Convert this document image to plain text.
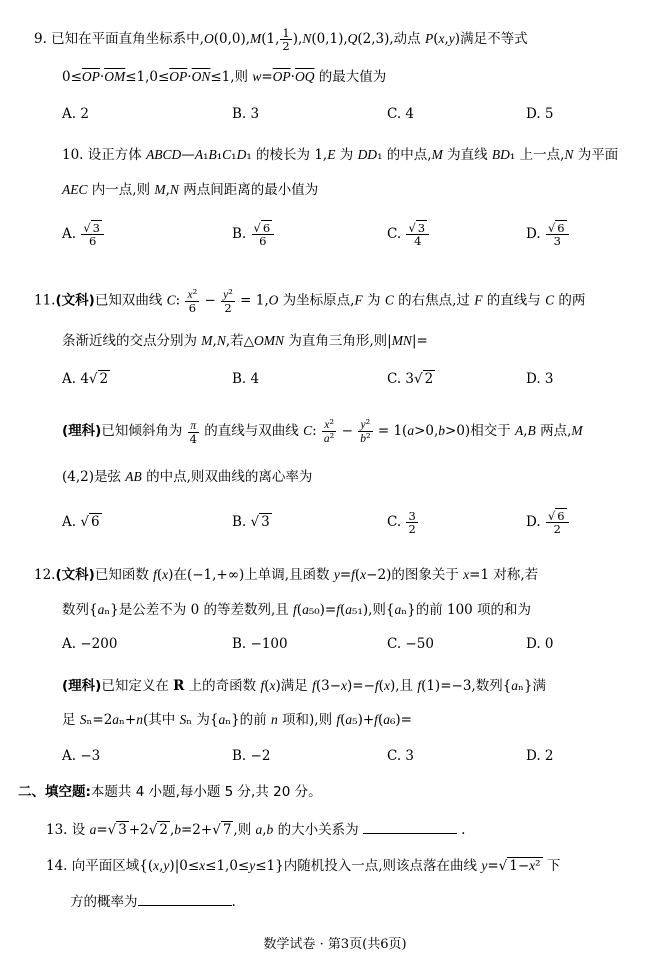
9. 已知在平面直角坐标系中,O(0,0),M(1, $\frac{1}{2} ),N(0,1),Q(2,3)$,动点 P(x,y)满足不等式
$0\le\overline{OP}\cdot\overline{OM}\le 1,0\le\overline{OP}\cdot\overline{ON}\le 1$,则 $w=\overline{OP}\cdot\overline{OQ}$ 的最大值为
A. 2	B. 3	C. 4	D. 5
10. 设正方体 ABCD—A₁B₁C₁D₁ 的棱长为 1,E 为 DD₁ 的中点,M 为直线 BD₁ 上一点,N 为平面
AEC 内一点,则 M,N 两点间距离的最小值为
A. $\frac{√ 3}{6}$	B. $\frac{√ 6}{6}$	C. $\frac{√ 3}{4}$	D. $\frac{√ 6}{3}$
11.(文科)已知双曲线 C: $\frac{\text{x²}}{6} - \frac{\text{y²}}{2} = 1,O$ 为坐标原点,F 为 C 的右焦点,过 F 的直线与 C 的两
条渐近线的交点分别为 M,N,若△OMN 为直角三角形,则|MN|=
A. 4√ 2	B. 4	C. 3√ 2	D. 3
(理科)已知倾斜角为 $\frac{\pi}{4}$ 的直线与双曲线 C: $\frac{\text{x²}}{\text{a²}} - \frac{\text{y²}}{\text{b²}} = 1(a>0,b>0)$相交于 A,B 两点,M
(4,2)是弦 AB 的中点,则双曲线的离心率为
A. √ 6	B. √ 3	C. $\frac{3}{2}$	D. $\frac{√ 6}{2}$
12.(文科)已知函数 f(x)在(−1,+∞)上单调,且函数 y=f(x−2)的图象关于 x=1 对称,若
数列{aₙ}是公差不为 0 的等差数列,且 f(a₅₀)=f(a₅₁),则{aₙ}的前 100 项的和为
A. −200	B. −100	C. −50	D. 0
(理科)已知定义在 R 上的奇函数 f(x)满足 f(3−x)=−f(x),且 f(1)=−3,数列{aₙ}满
足 Sₙ=2aₙ+n(其中 Sₙ 为{aₙ}的前 n 项和),则 f(a₅)+f(a₆)=
A. −3	B. −2	C. 3	D. 2
二、填空题:本题共 4 小题,每小题 5 分,共 20 分。
13. 设 a=√ 3 +2√ 2 ,b=2+√ 7 ,则 a,b 的大小关系为	.
14. 向平面区域{(x,y)|0≤x≤1,0≤y≤1}内随机投入一点,则该点落在曲线 y=√ 1−x² 下
方的概率为	.
数学试卷 · 第3页(共6页)
